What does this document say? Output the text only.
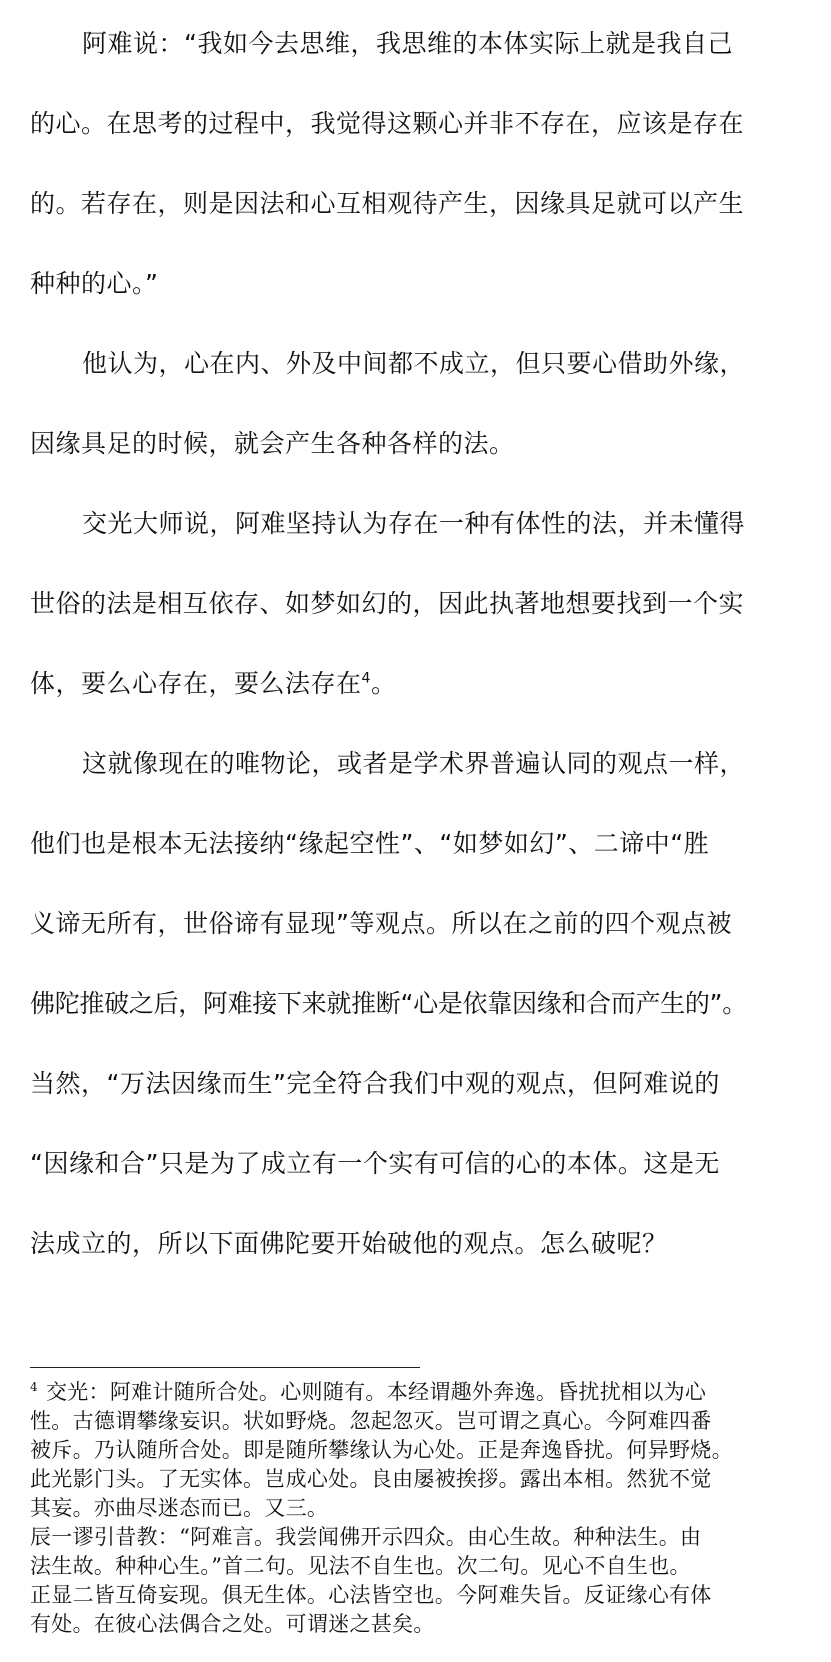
阿难说：“我如今去思维，我思维的本体实际上就是我自己
的心。在思考的过程中，我觉得这颗心并非不存在，应该是存在
的。若存在，则是因法和心互相观待产生，因缘具足就可以产生
种种的心。”
他认为，心在内、外及中间都不成立，但只要心借助外缘，
因缘具足的时候，就会产生各种各样的法。
交光大师说，阿难坚持认为存在一种有体性的法，并未懂得
世俗的法是相互依存、如梦如幻的，因此执著地想要找到一个实
体，要么心存在，要么法存在$^4$。
这就像现在的唯物论，或者是学术界普遍认同的观点一样，
他们也是根本无法接纳“缘起空性”、“如梦如幻”、二谛中“胜
义谛无所有，世俗谛有显现”等观点。所以在之前的四个观点被
佛陀推破之后，阿难接下来就推断“心是依靠因缘和合而产生的”。
当然，“万法因缘而生”完全符合我们中观的观点，但阿难说的
“因缘和合”只是为了成立有一个实有可信的心的本体。这是无
法成立的，所以下面佛陀要开始破他的观点。怎么破呢？
$^4$ 交光：阿难计随所合处。心则随有。本经谓趣外奔逸。昏扰扰相以为心
性。古德谓攀缘妄识。状如野烧。忽起忽灭。岂可谓之真心。今阿难四番
被斥。乃认随所合处。即是随所攀缘认为心处。正是奔逸昏扰。何异野烧。
此光影门头。了无实体。岂成心处。良由屡被挨拶。露出本相。然犹不觉
其妄。亦曲尽迷态而已。又三。
辰一谬引昔教：“阿难言。我尝闻佛开示四众。由心生故。种种法生。由
法生故。种种心生。”首二句。见法不自生也。次二句。见心不自生也。
正显二皆互倚妄现。俱无生体。心法皆空也。今阿难失旨。反证缘心有体
有处。在彼心法偶合之处。可谓迷之甚矣。
